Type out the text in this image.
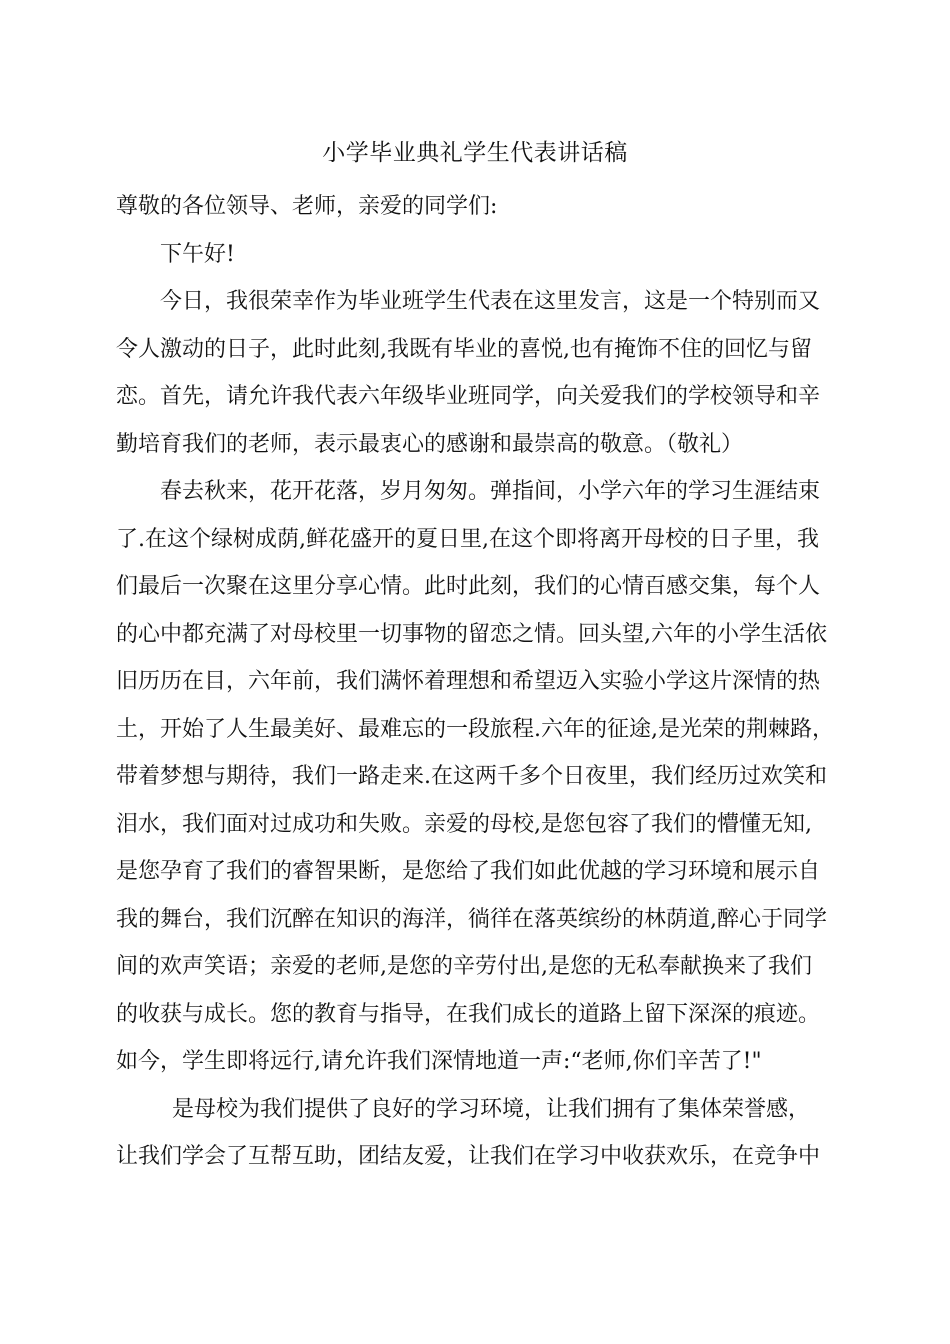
小学毕业典礼学生代表讲话稿
尊敬的各位领导、老师，亲爱的同学们:
下午好!
今日，我很荣幸作为毕业班学生代表在这里发言，这是一个特别而又
令人激动的日子，此时此刻,我既有毕业的喜悦,也有掩饰不住的回忆与留
恋。首先，请允许我代表六年级毕业班同学，向关爱我们的学校领导和辛
勤培育我们的老师，表示最衷心的感谢和最崇高的敬意。（敬礼）
春去秋来，花开花落，岁月匆匆。弹指间，小学六年的学习生涯结束
了.在这个绿树成荫,鲜花盛开的夏日里,在这个即将离开母校的日子里，我
们最后一次聚在这里分享心情。此时此刻，我们的心情百感交集，每个人
的心中都充满了对母校里一切事物的留恋之情。回头望,六年的小学生活依
旧历历在目，六年前，我们满怀着理想和希望迈入实验小学这片深情的热
土，开始了人生最美好、最难忘的一段旅程.六年的征途,是光荣的荆棘路，
带着梦想与期待，我们一路走来.在这两千多个日夜里，我们经历过欢笑和
泪水，我们面对过成功和失败。亲爱的母校,是您包容了我们的懵懂无知,
是您孕育了我们的睿智果断，是您给了我们如此优越的学习环境和展示自
我的舞台，我们沉醉在知识的海洋，徜徉在落英缤纷的林荫道,醉心于同学
间的欢声笑语；亲爱的老师,是您的辛劳付出,是您的无私奉献换来了我们
的收获与成长。您的教育与指导，在我们成长的道路上留下深深的痕迹。
如今，学生即将远行,请允许我们深情地道一声:“老师,你们辛苦了!"
是母校为我们提供了良好的学习环境，让我们拥有了集体荣誉感，
让我们学会了互帮互助，团结友爱，让我们在学习中收获欢乐，在竞争中
